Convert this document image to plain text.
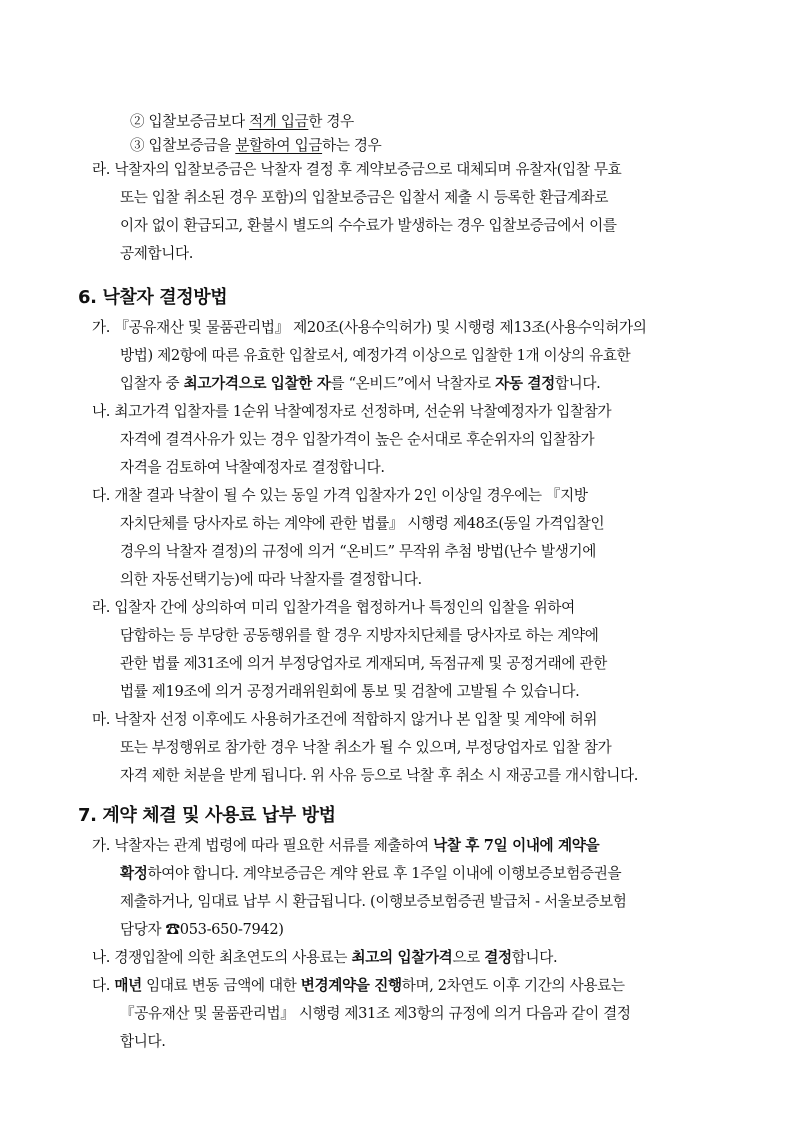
② 입찰보증금보다 적게 입금한 경우
③ 입찰보증금을 분할하여 입금하는 경우
라. 낙찰자의 입찰보증금은 낙찰자 결정 후 계약보증금으로 대체되며 유찰자(입찰 무효
또는 입찰 취소된 경우 포함)의 입찰보증금은 입찰서 제출 시 등록한 환급계좌로
이자 없이 환급되고, 환불시 별도의 수수료가 발생하는 경우 입찰보증금에서 이를
공제합니다.
6. 낙찰자 결정방법
가. 『공유재산 및 물품관리법』 제20조(사용수익허가) 및 시행령 제13조(사용수익허가의
방법) 제2항에 따른 유효한 입찰로서, 예정가격 이상으로 입찰한 1개 이상의 유효한
입찰자 중 최고가격으로 입찰한 자를 “온비드”에서 낙찰자로 자동 결정합니다.
나. 최고가격 입찰자를 1순위 낙찰예정자로 선정하며, 선순위 낙찰예정자가 입찰참가
자격에 결격사유가 있는 경우 입찰가격이 높은 순서대로 후순위자의 입찰참가
자격을 검토하여 낙찰예정자로 결정합니다.
다. 개찰 결과 낙찰이 될 수 있는 동일 가격 입찰자가 2인 이상일 경우에는 『지방
자치단체를 당사자로 하는 계약에 관한 법률』 시행령 제48조(동일 가격입찰인
경우의 낙찰자 결정)의 규정에 의거 “온비드” 무작위 추첨 방법(난수 발생기에
의한 자동선택기능)에 따라 낙찰자를 결정합니다.
라. 입찰자 간에 상의하여 미리 입찰가격을 협정하거나 특정인의 입찰을 위하여
담합하는 등 부당한 공동행위를 할 경우 지방자치단체를 당사자로 하는 계약에
관한 법률 제31조에 의거 부정당업자로 게재되며, 독점규제 및 공정거래에 관한
법률 제19조에 의거 공정거래위원회에 통보 및 검찰에 고발될 수 있습니다.
마. 낙찰자 선정 이후에도 사용허가조건에 적합하지 않거나 본 입찰 및 계약에 허위
또는 부정행위로 참가한 경우 낙찰 취소가 될 수 있으며, 부정당업자로 입찰 참가
자격 제한 처분을 받게 됩니다. 위 사유 등으로 낙찰 후 취소 시 재공고를 개시합니다.
7. 계약 체결 및 사용료 납부 방법
가. 낙찰자는 관계 법령에 따라 필요한 서류를 제출하여 낙찰 후 7일 이내에 계약을
확정하여야 합니다. 계약보증금은 계약 완료 후 1주일 이내에 이행보증보험증권을
제출하거나, 임대료 납부 시 환급됩니다. (이행보증보험증권 발급처 - 서울보증보험
담당자 ☎053-650-7942)
나. 경쟁입찰에 의한 최초연도의 사용료는 최고의 입찰가격으로 결정합니다.
다. 매년 임대료 변동 금액에 대한 변경계약을 진행하며, 2차연도 이후 기간의 사용료는
『공유재산 및 물품관리법』 시행령 제31조 제3항의 규정에 의거 다음과 같이 결정
합니다.
